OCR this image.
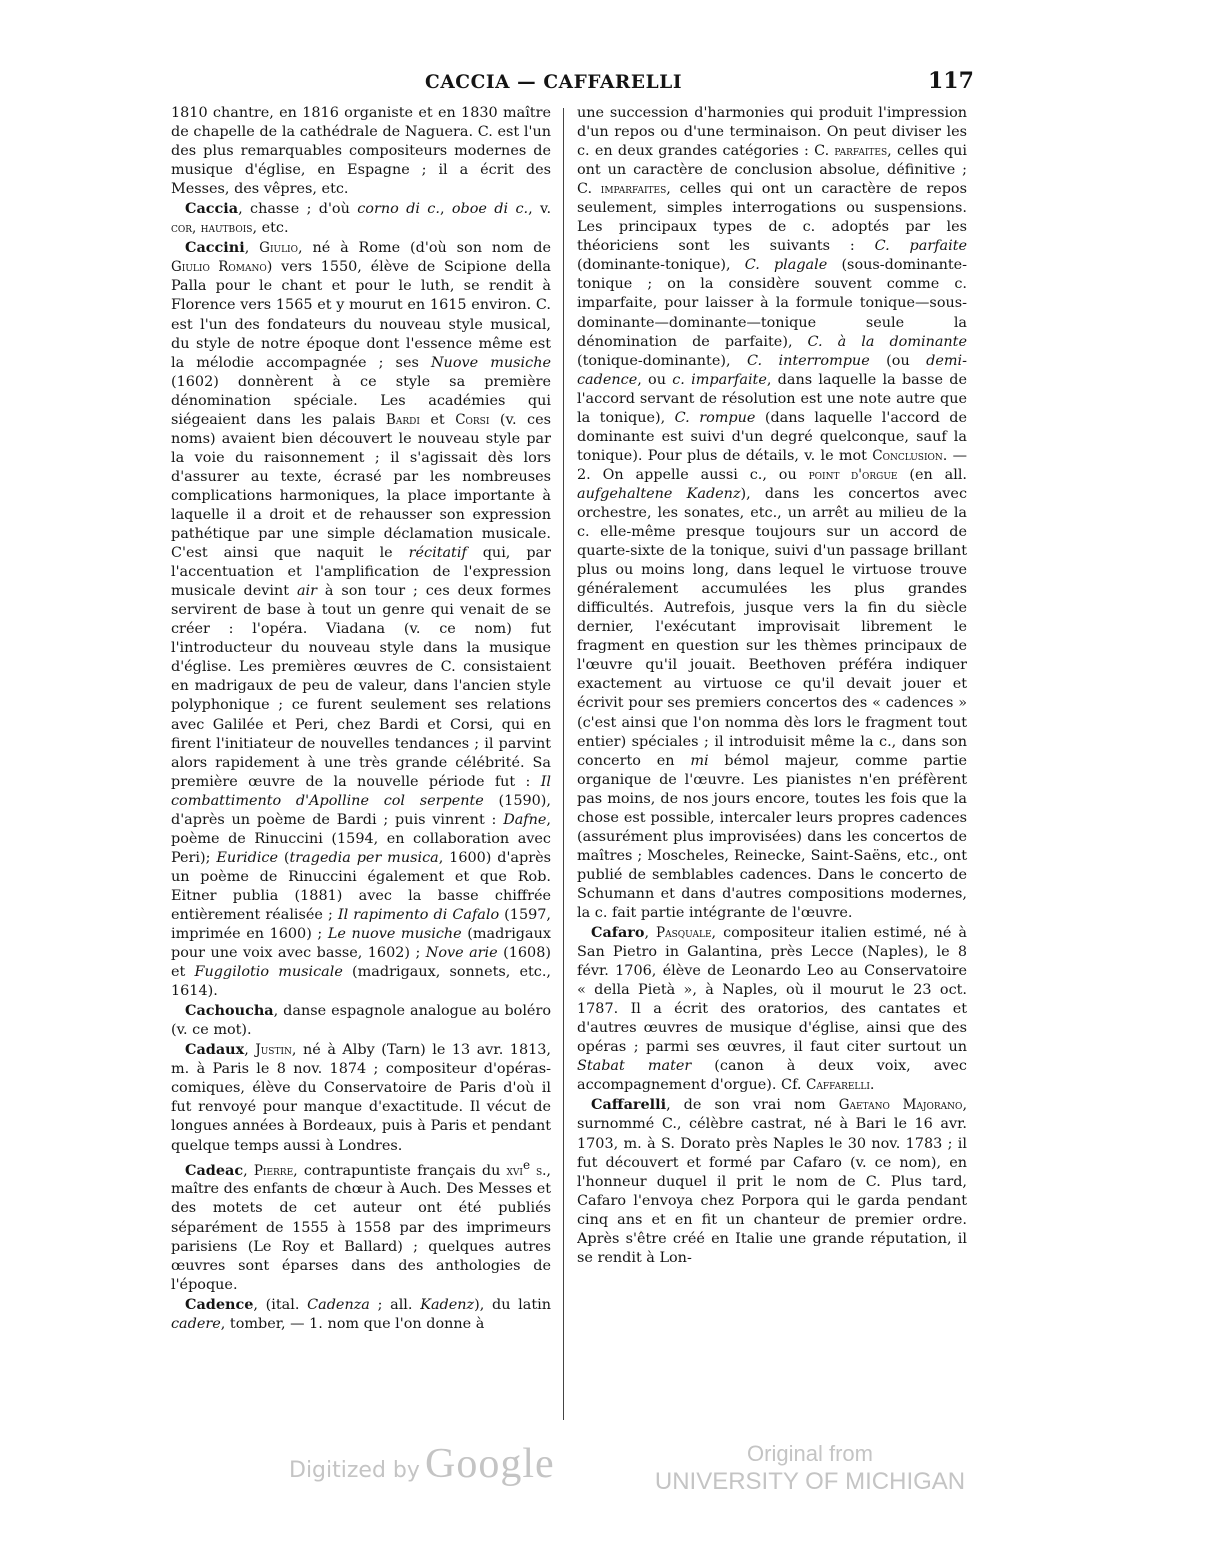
CACCIA — CAFFARELLI	117

1810 chantre, en 1816 organiste et en 1830 maître de chapelle de la cathédrale de Naguera. C. est l'un des plus remarquables compositeurs modernes de musique d'église, en Espagne ; il a écrit des Messes, des vêpres, etc.

Caccia, chasse ; d'où corno di c., oboe di c., v. cor, hautbois, etc.

Caccini, Giulio, né à Rome (d'où son nom de Giulio Romano) vers 1550, élève de Scipione della Palla pour le chant et pour le luth, se rendit à Florence vers 1565 et y mourut en 1615 environ. C. est l'un des fondateurs du nouveau style musical, du style de notre époque dont l'essence même est la mélodie accompagnée ; ses Nuove musiche (1602) donnèrent à ce style sa première dénomination spéciale. Les académies qui siégeaient dans les palais Bardi et Corsi (v. ces noms) avaient bien découvert le nouveau style par la voie du raisonnement ; il s'agissait dès lors d'assurer au texte, écrasé par les nombreuses complications harmoniques, la place importante à laquelle il a droit et de rehausser son expression pathétique par une simple déclamation musicale. C'est ainsi que naquit le récitatif qui, par l'accentuation et l'amplification de l'expression musicale devint air à son tour ; ces deux formes servirent de base à tout un genre qui venait de se créer : l'opéra. Viadana (v. ce nom) fut l'introducteur du nouveau style dans la musique d'église. Les premières œuvres de C. consistaient en madrigaux de peu de valeur, dans l'ancien style polyphonique ; ce furent seulement ses relations avec Galilée et Peri, chez Bardi et Corsi, qui en firent l'initiateur de nouvelles tendances ; il parvint alors rapidement à une très grande célébrité. Sa première œuvre de la nouvelle période fut : Il combattimento d'Apolline col serpente (1590), d'après un poème de Bardi ; puis vinrent : Dafne, poème de Rinuccini (1594, en collaboration avec Peri); Euridice (tragedia per musica, 1600) d'après un poème de Rinuccini également et que Rob. Eitner publia (1881) avec la basse chiffrée entièrement réalisée ; Il rapimento di Cafalo (1597, imprimée en 1600) ; Le nuove musiche (madrigaux pour une voix avec basse, 1602) ; Nove arie (1608) et Fuggilotio musicale (madrigaux, sonnets, etc., 1614).

Cachoucha, danse espagnole analogue au boléro (v. ce mot).

Cadaux, Justin, né à Alby (Tarn) le 13 avr. 1813, m. à Paris le 8 nov. 1874 ; compositeur d'opéras-comiques, élève du Conservatoire de Paris d'où il fut renvoyé pour manque d'exactitude. Il vécut de longues années à Bordeaux, puis à Paris et pendant quelque temps aussi à Londres.

Cadeac, Pierre, contrapuntiste français du xvi$^e$ s., maître des enfants de chœur à Auch. Des Messes et des motets de cet auteur ont été publiés séparément de 1555 à 1558 par des imprimeurs parisiens (Le Roy et Ballard) ; quelques autres œuvres sont éparses dans des anthologies de l'époque.

Cadence, (ital. Cadenza ; all. Kadenz), du latin cadere, tomber, — 1. nom que l'on donne à

une succession d'harmonies qui produit l'impression d'un repos ou d'une terminaison. On peut diviser les c. en deux grandes catégories : C. parfaites, celles qui ont un caractère de conclusion absolue, définitive ; C. imparfaites, celles qui ont un caractère de repos seulement, simples interrogations ou suspensions. Les principaux types de c. adoptés par les théoriciens sont les suivants : C. parfaite (dominante-tonique), C. plagale (sous-dominante-tonique ; on la considère souvent comme c. imparfaite, pour laisser à la formule tonique—sous-dominante—dominante—tonique seule la dénomination de parfaite), C. à la dominante (tonique-dominante), C. interrompue (ou demi-cadence, ou c. imparfaite, dans laquelle la basse de l'accord servant de résolution est une note autre que la tonique), C. rompue (dans laquelle l'accord de dominante est suivi d'un degré quelconque, sauf la tonique). Pour plus de détails, v. le mot Conclusion. — 2. On appelle aussi c., ou point d'orgue (en all. aufgehaltene Kadenz), dans les concertos avec orchestre, les sonates, etc., un arrêt au milieu de la c. elle-même presque toujours sur un accord de quarte-sixte de la tonique, suivi d'un passage brillant plus ou moins long, dans lequel le virtuose trouve généralement accumulées les plus grandes difficultés. Autrefois, jusque vers la fin du siècle dernier, l'exécutant improvisait librement le fragment en question sur les thèmes principaux de l'œuvre qu'il jouait. Beethoven préféra indiquer exactement au virtuose ce qu'il devait jouer et écrivit pour ses premiers concertos des « cadences » (c'est ainsi que l'on nomma dès lors le fragment tout entier) spéciales ; il introduisit même la c., dans son concerto en mi bémol majeur, comme partie organique de l'œuvre. Les pianistes n'en préfèrent pas moins, de nos jours encore, toutes les fois que la chose est possible, intercaler leurs propres cadences (assurément plus improvisées) dans les concertos de maîtres ; Moscheles, Reinecke, Saint-Saëns, etc., ont publié de semblables cadences. Dans le concerto de Schumann et dans d'autres compositions modernes, la c. fait partie intégrante de l'œuvre.

Cafaro, Pasquale, compositeur italien estimé, né à San Pietro in Galantina, près Lecce (Naples), le 8 févr. 1706, élève de Leonardo Leo au Conservatoire « della Pietà », à Naples, où il mourut le 23 oct. 1787. Il a écrit des oratorios, des cantates et d'autres œuvres de musique d'église, ainsi que des opéras ; parmi ses œuvres, il faut citer surtout un Stabat mater (canon à deux voix, avec accompagnement d'orgue). Cf. Caffarelli.

Caffarelli, de son vrai nom Gaetano Majorano, surnommé C., célèbre castrat, né à Bari le 16 avr. 1703, m. à S. Dorato près Naples le 30 nov. 1783 ; il fut découvert et formé par Cafaro (v. ce nom), en l'honneur duquel il prit le nom de C. Plus tard, Cafaro l'envoya chez Porpora qui le garda pendant cinq ans et en fit un chanteur de premier ordre. Après s'être créé en Italie une grande réputation, il se rendit à Lon-

Digitized by Google	Original from
UNIVERSITY OF MICHIGAN
